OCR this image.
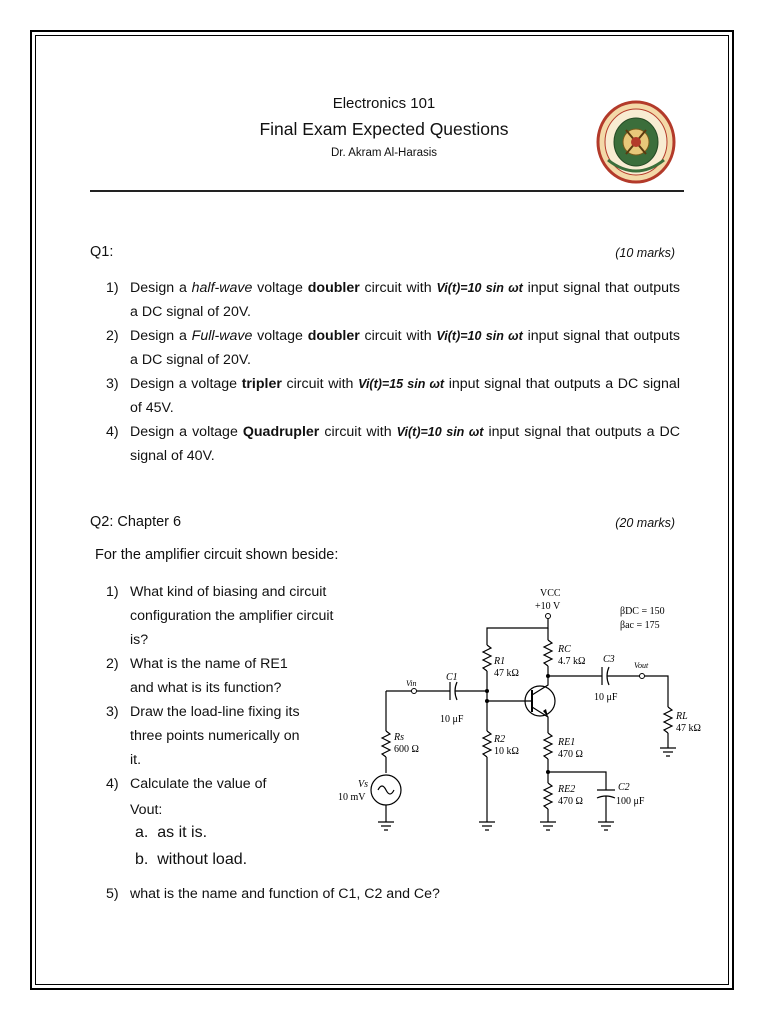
Electronics 101
Final Exam Expected Questions
Dr. Akram Al-Harasis
Q1:	(10 marks)
1) Design a half-wave voltage doubler circuit with Vi(t)=10 sin ωt input signal that outputs a DC signal of 20V.
2) Design a Full-wave voltage doubler circuit with Vi(t)=10 sin ωt input signal that outputs a DC signal of 20V.
3) Design a voltage tripler circuit with Vi(t)=15 sin ωt input signal that outputs a DC signal of 45V.
4) Design a voltage Quadrupler circuit with Vi(t)=10 sin ωt input signal that outputs a DC signal of 40V.
Q2: Chapter 6	(20 marks)
For the amplifier circuit shown beside:
1) What kind of biasing and circuit configuration the amplifier circuit is?
2) What is the name of RE1 and what is its function?
3) Draw the load-line fixing its three points numerically on it.
4) Calculate the value of
Vout:
a. as it is.
b. without load.
5) what is the name and function of C1, C2 and Ce?
VCC
+10 V	βDC = 150
βac = 175
R1
47 kΩ
RC
4.7 kΩ C3
10 μF
Vout
RL
47 kΩ
Vin
C1
10 μF
Rs
600 Ω
Vs
10 mV
R2
10 kΩ
RE1
470 Ω
RE2
470 Ω
C2
100 μF
